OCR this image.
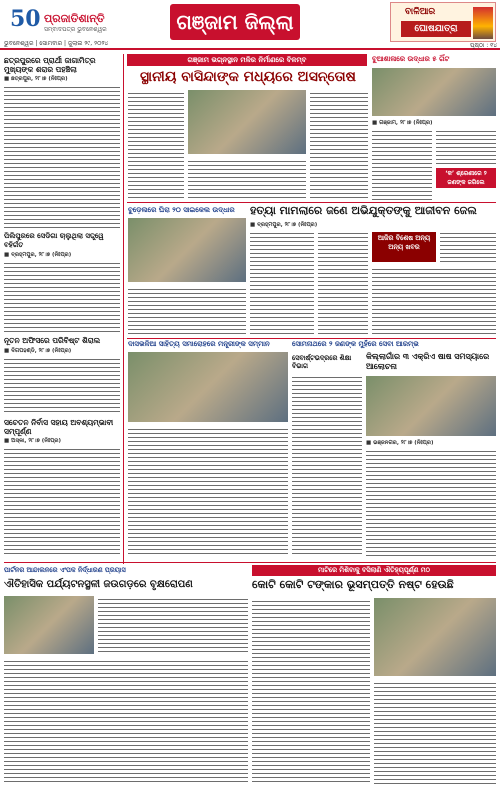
50 ପ୍ରଜାତିଶାନ୍ତି
ସମ୍ବାଦପତ୍ର ଭୁବନେଶ୍ୱର
ଭୁବନେଶ୍ୱର | ସୋମବାର | ଜୁଲାଇ ୨୯, ୨୦୨୪
ଗଞ୍ଜାମ ଜିଲ୍ଲା	ବାଳିଆର
ଘୋଷଯାତ୍ରା
ପୃଷ୍ଠା : ୧୪
ଛତ୍ରପୁରରେ ପ୍ରାର୍ଥୀ ଜାଗାମିତ୍ର ମୁଖ୍ୟଙ୍କ ଶରାର ପହଞ୍ଚିଲା
■ ଛତ୍ରପୁର, ୨୮।୭ (ନିଃପ୍ର)
ପିଲିପୁରରେ ସେଡିଗା ଚାଲୁଥିଲା ସତ୍ତ୍ୱେ ବହିର୍ଗତ
■ ବ୍ରହ୍ମପୁର, ୨୮।୭ (ନିଃପ୍ର)
ନୂତନ ଅଫିସରେ ପରିବିଷ୍ଟ ଶିରାଲ
■ ଦିଗପହଣ୍ଡି, ୨୮।୭ (ନିଃପ୍ର)
ସଚେତନ ନିର୍ବାସ ସହାୟ ଅବଶ୍ୟମ୍ଭାବୀ ସମ୍ପୂର୍ଣ୍ଣ
■ ଅସ୍କା, ୨୮।୭ (ନିଃପ୍ର)
ଗଞ୍ଜାମ ଭଗ୍ନସ୍ଥାନ ମଳିର ନିର୍ମାଣରେ ବିଳମ୍ବ	ବୁଆଶାଳାରେ ଉଦ୍ଧାର ୫ ଗିଁଟ
ସ୍ଥାନୀୟ ବାସିନ୍ଦାଙ୍କ ମଧ୍ୟରେ ଅସନ୍ତୋଷ
■ ଗଞ୍ଜାମ, ୨୮।୭ (ନିଃପ୍ର)
‘କ’ ଶ୍ରେଣୀରେ ୨ ଜଣଙ୍କ ଜଗିଲେ
ବୁଡ଼େଲରେ ଘିରା ୨୦ ସାଇକେଲ ଉଦ୍ଧାର	ହତ୍ୟା ମାମଲାରେ ଜଣେ ଅଭିଯୁକ୍ତଙ୍କୁ ଆଜୀବନ ଜେଲ
■ ବ୍ରହ୍ମପୁର, ୨୮।୭ (ନିଃପ୍ର)
ଆଜିର ବିଶେଷ ଅନ୍ୟ ଅନ୍ୟ ଖବର
ଦାସଭଳିଆ ସାହିତ୍ୟ ସମାରୋହରେ ମନ୍ତ୍ରୀଙ୍କ ସମ୍ମାନ	ସୋମନାଥରେ ୨ ଜଣଙ୍କ ମୁହଁରେ ସେବା ଆରମ୍ଭ
ସେବାର୍ଷ୍ଟଭଦ୍ରରେ ଶିକ୍ଷା ବିଭାଗ
କିଲ୍ଲାଗାଁର ୩ ଏକ୍ରିଏ ଷାଷ ସମସ୍ୟାରେ ଆଲୋଚନା
■ ଭଞ୍ଜନଗର, ୨୮।୭ (ନିଃପ୍ର)
ପାର୍ଟନର ଆନ୍ଦାଲନରେ ଏଂପକ ନିର୍ଦ୍ଧାରଣ ପ୍ରୟାସ	ମାଟିରେ ମିଶିବାକୁ ବସିଲାଣି ଐତିହ୍ୟପୂର୍ଣ୍ଣ ମଠ
ଐତିହାସିକ ପର୍ଯ୍ୟଟନସ୍ଥଳୀ ଜଉଗଡ଼ରେ ବୃକ୍ଷରୋପଣ	କୋଟି କୋଟି ଟଙ୍କାର ଭୂସମ୍ପତ୍ତି ନଷ୍ଟ ହେଉଛି
